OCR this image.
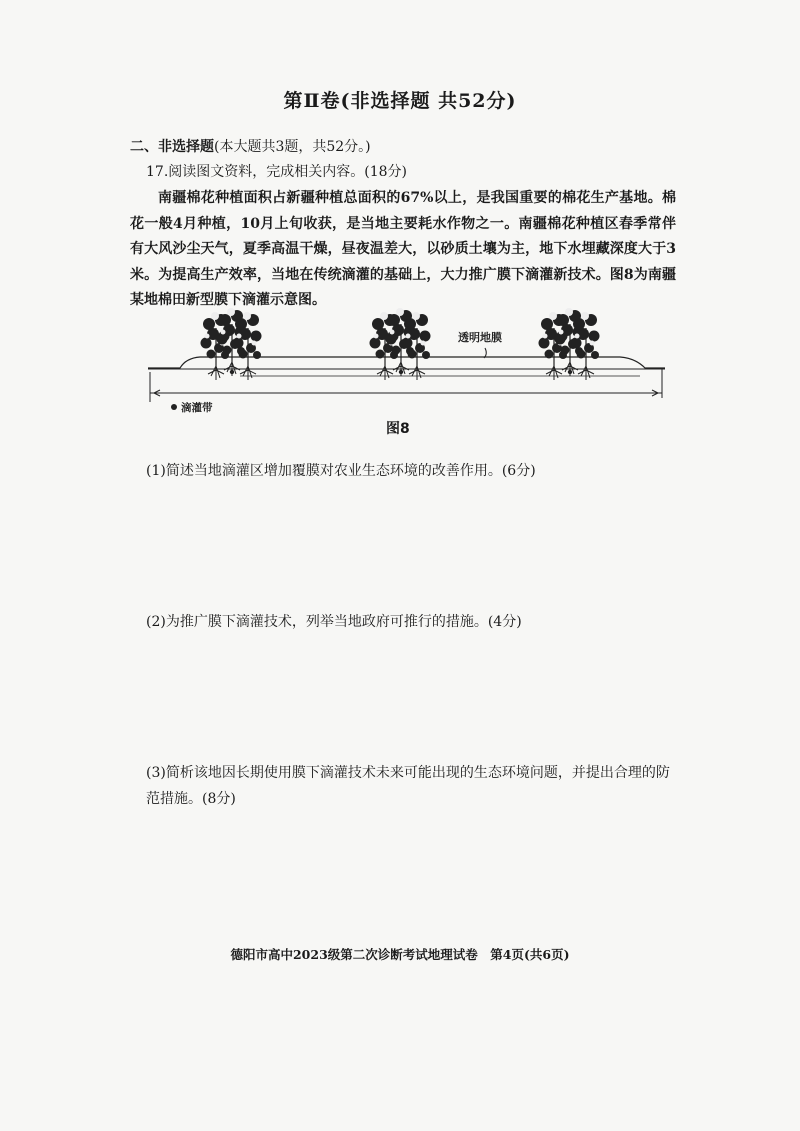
第Ⅱ卷(非选择题 共52分)
二、非选择题(本大题共3题，共52分。)
17.阅读图文资料，完成相关内容。(18分)
南疆棉花种植面积占新疆种植总面积的67%以上，是我国重要的棉花生产基地。棉花一般4月种植，10月上旬收获，是当地主要耗水作物之一。南疆棉花种植区春季常伴有大风沙尘天气，夏季高温干燥，昼夜温差大，以砂质土壤为主，地下水埋藏深度大于3米。为提高生产效率，当地在传统滴灌的基础上，大力推广膜下滴灌新技术。图8为南疆某地棉田新型膜下滴灌示意图。
透明地膜
滴灌带
图8
(1)简述当地滴灌区增加覆膜对农业生态环境的改善作用。(6分)
(2)为推广膜下滴灌技术，列举当地政府可推行的措施。(4分)
(3)简析该地因长期使用膜下滴灌技术未来可能出现的生态环境问题，并提出合理的防范措施。(8分)
德阳市高中2023级第二次诊断考试地理试卷　第4页(共6页)
